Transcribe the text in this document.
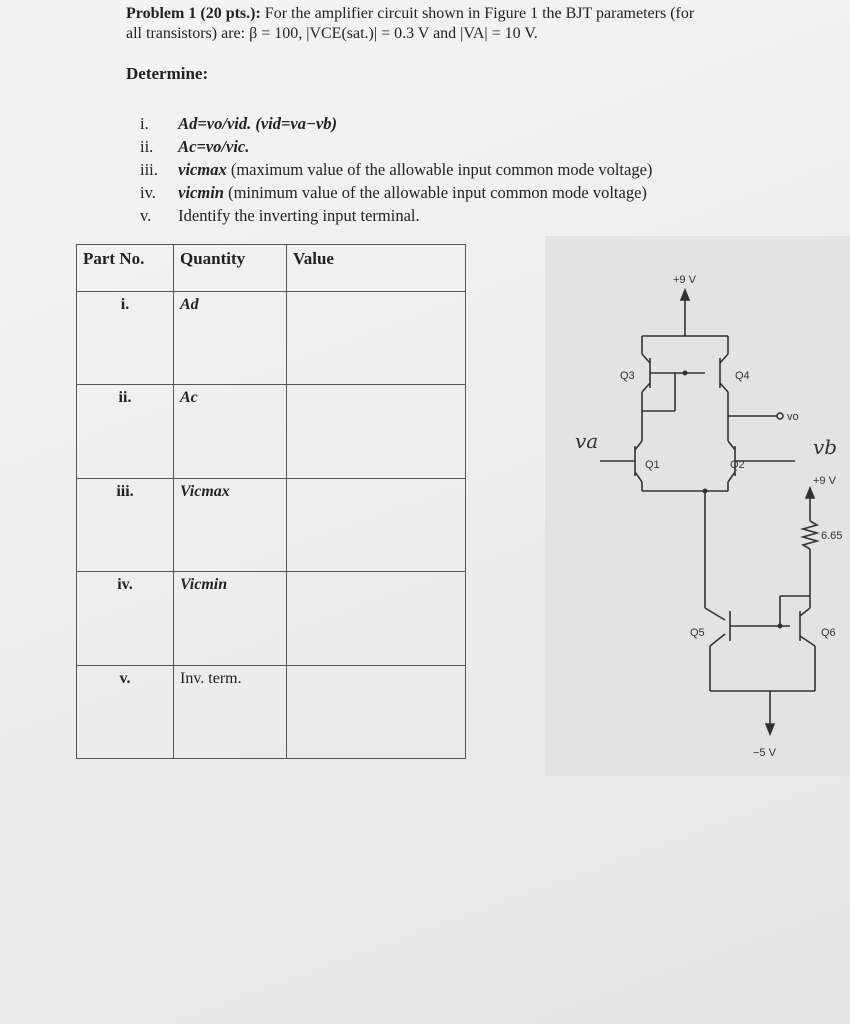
Problem 1 (20 pts.): For the amplifier circuit shown in Figure 1 the BJT parameters (for
all transistors) are: β = 100, |VCE(sat.)| = 0.3 V and |VA| = 10 V.
Determine:
i. Ad=vo/vid. (vid=va−vb)
ii. Ac=vo/vic.
iii. vicmax (maximum value of the allowable input common mode voltage)
iv. vicmin (minimum value of the allowable input common mode voltage)
v. Identify the inverting input terminal.
Part No.	Quantity	Value
i.	Ad	
ii.	Ac	
iii.	Vicmax	
iv.	Vicmin	
v.	Inv. term.	
+9 V
Q3	Q4
Q1	Q2
Q5	Q6
vo
+9 V
6.65
−5 V
va	vb
